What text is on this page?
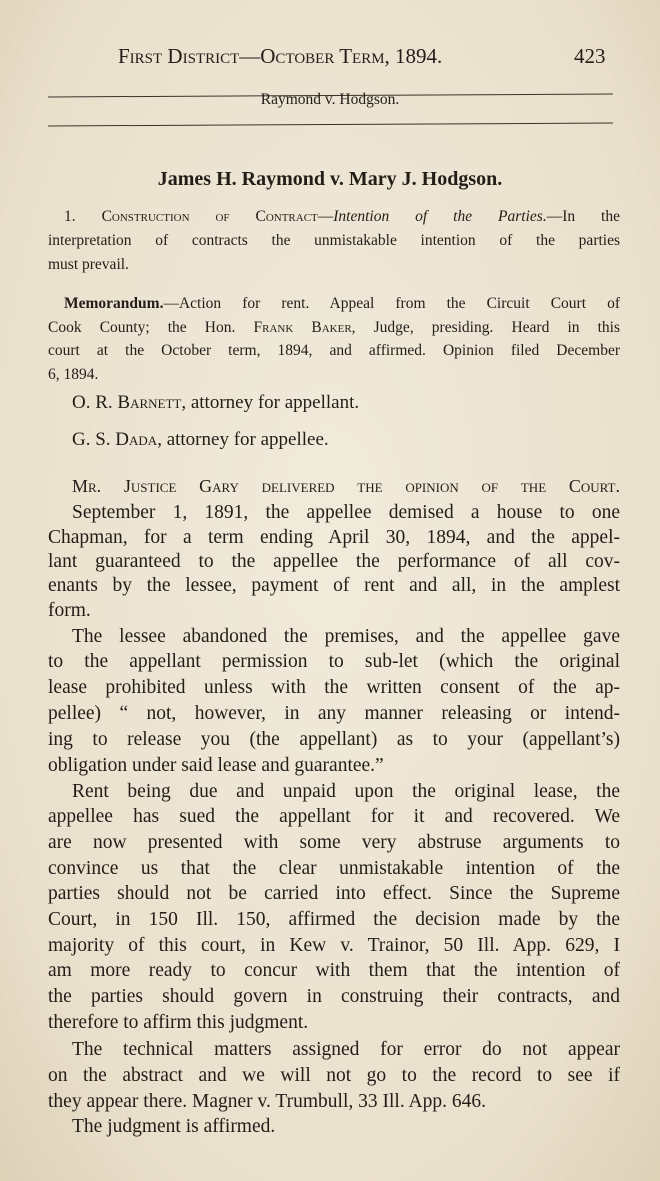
First District—October Term, 1894.	423
Raymond v. Hodgson.
James H. Raymond v. Mary J. Hodgson.
1. Construction of Contract—Intention of the Parties.—In the
interpretation of contracts the unmistakable intention of the parties
must prevail.
Memorandum.—Action for rent. Appeal from the Circuit Court of
Cook County; the Hon. Frank Baker, Judge, presiding. Heard in this
court at the October term, 1894, and affirmed. Opinion filed December
6, 1894.
O. R. Barnett, attorney for appellant.
G. S. Dada, attorney for appellee.
Mr. Justice Gary delivered the opinion of the Court.
September 1, 1891, the appellee demised a house to one
Chapman, for a term ending April 30, 1894, and the appel-
lant guaranteed to the appellee the performance of all cov-
enants by the lessee, payment of rent and all, in the amplest
form.
The lessee abandoned the premises, and the appellee gave
to the appellant permission to sub-let (which the original
lease prohibited unless with the written consent of the ap-
pellee) “ not, however, in any manner releasing or intend-
ing to release you (the appellant) as to your (appellant’s)
obligation under said lease and guarantee.”
Rent being due and unpaid upon the original lease, the
appellee has sued the appellant for it and recovered. We
are now presented with some very abstruse arguments to
convince us that the clear unmistakable intention of the
parties should not be carried into effect. Since the Supreme
Court, in 150 Ill. 150, affirmed the decision made by the
majority of this court, in Kew v. Trainor, 50 Ill. App. 629, I
am more ready to concur with them that the intention of
the parties should govern in construing their contracts, and
therefore to affirm this judgment.
The technical matters assigned for error do not appear
on the abstract and we will not go to the record to see if
they appear there. Magner v. Trumbull, 33 Ill. App. 646.
The judgment is affirmed.
